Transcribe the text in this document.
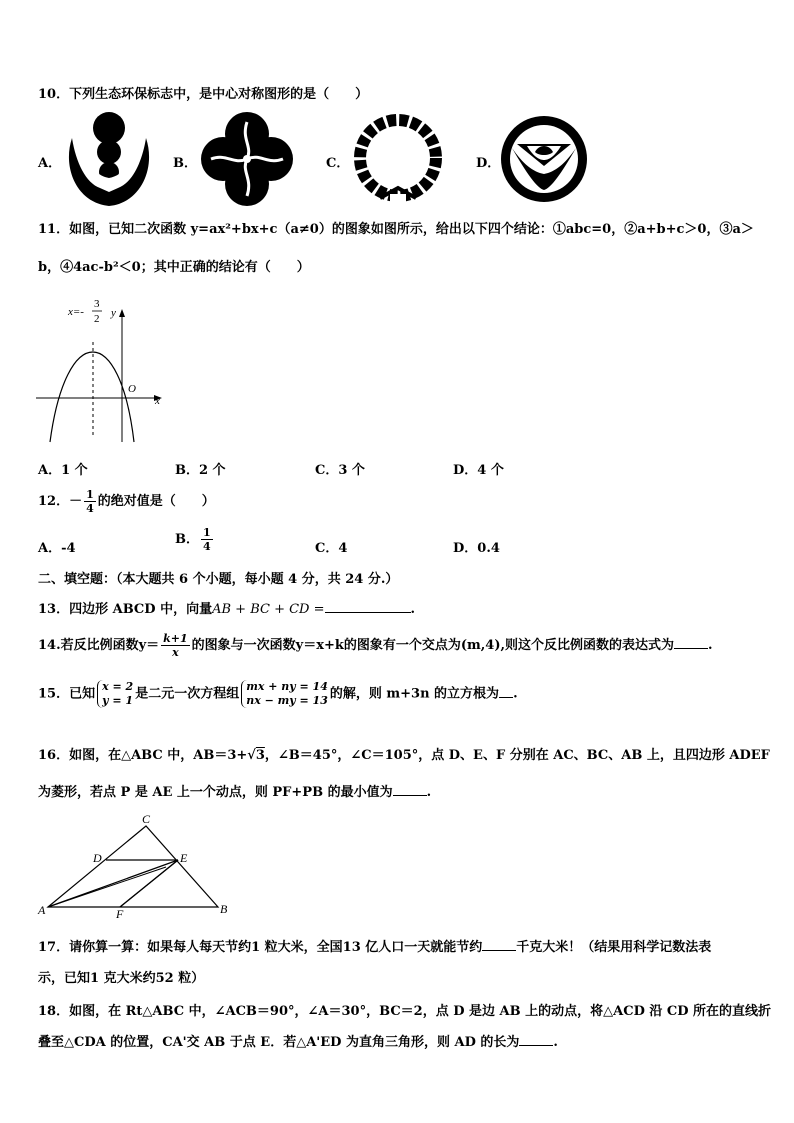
10．下列生态环保标志中，是中心对称图形的是（　　）
A．	B．	C．	D．
11．如图，已知二次函数 y=ax²+bx+c（a≠0）的图象如图所示，给出以下四个结论：①abc=0，②a+b+c＞0，③a＞
b，④4ac-b²＜0；其中正确的结论有（　　）
x=-
3
2 y
x
O
A．1 个	B．2 个	C．3 个	D．4 个
12．－ $\frac{1}{4}$ 的绝对值是（　　）
A．-4
B． $\frac{1}{4}$	C．4	D．0.4
二、填空题：（本大题共 6 个小题，每小题 4 分，共 24 分.）
13．四边形 ABCD 中，向量AB + BC + CD =	.
14.若反比例函数$y= \frac{k+1}{x}$ 的图象与一次函数y＝x+k的图象有一个交点为(m,4),则这个反比例函数的表达式为	.
15．已知 x = 2
y = 1 是二元一次方程组 mx + ny = 14
nx − my = 13 的解，则 m+3n 的立方根为 .
16．如图，在△ABC 中，AB＝3+√3，∠B＝45°，∠C＝105°，点 D、E、F 分别在 AC、BC、AB 上，且四边形 ADEF
为菱形，若点 P 是 AE 上一个动点，则 PF+PB 的最小值为	.
C
D	E
A	F	B
17．请你算一算：如果每人每天节约1 粒大米，全国13 亿人口一天就能节约	千克大米！（结果用科学记数法表
示，已知1 克大米约52 粒）
18．如图，在 Rt△ABC 中，∠ACB＝90°，∠A＝30°，BC＝2，点 D 是边 AB 上的动点，将△ACD 沿 CD 所在的直线折
叠至△CDA 的位置，CA'交 AB 于点 E．若△A'ED 为直角三角形，则 AD 的长为	.
